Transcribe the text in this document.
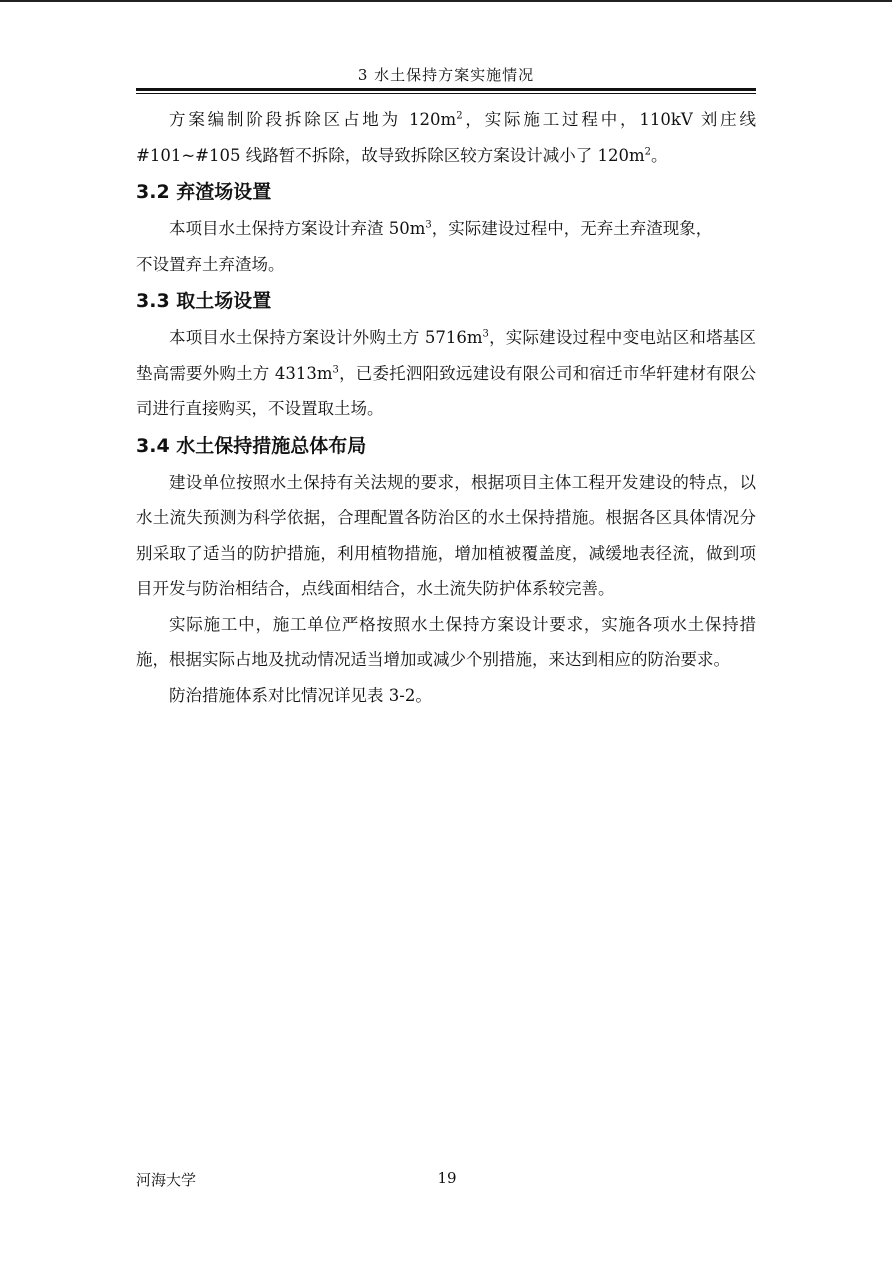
3 水土保持方案实施情况

方案编制阶段拆除区占地为 $120m^2$，实际施工过程中，110kV 刘庄线 #101~#105 线路暂不拆除，故导致拆除区较方案设计减小了 $120m^2$。

3.2 弃渣场设置

本项目水土保持方案设计弃渣 $50m^3$，实际建设过程中，无弃土弃渣现象，

不设置弃土弃渣场。

3.3 取土场设置

本项目水土保持方案设计外购土方 $5716m^3$，实际建设过程中变电站区和塔基区垫高需要外购土方 $4313m^3$，已委托泗阳致远建设有限公司和宿迁市华轩建材有限公司进行直接购买，不设置取土场。

3.4 水土保持措施总体布局

建设单位按照水土保持有关法规的要求，根据项目主体工程开发建设的特点，以水土流失预测为科学依据，合理配置各防治区的水土保持措施。根据各区具体情况分别采取了适当的防护措施，利用植物措施，增加植被覆盖度，减缓地表径流，做到项目开发与防治相结合，点线面相结合，水土流失防护体系较完善。

实际施工中，施工单位严格按照水土保持方案设计要求，实施各项水土保持措施，根据实际占地及扰动情况适当增加或减少个别措施，来达到相应的防治要求。

防治措施体系对比情况详见表 3-2。

河海大学	19
